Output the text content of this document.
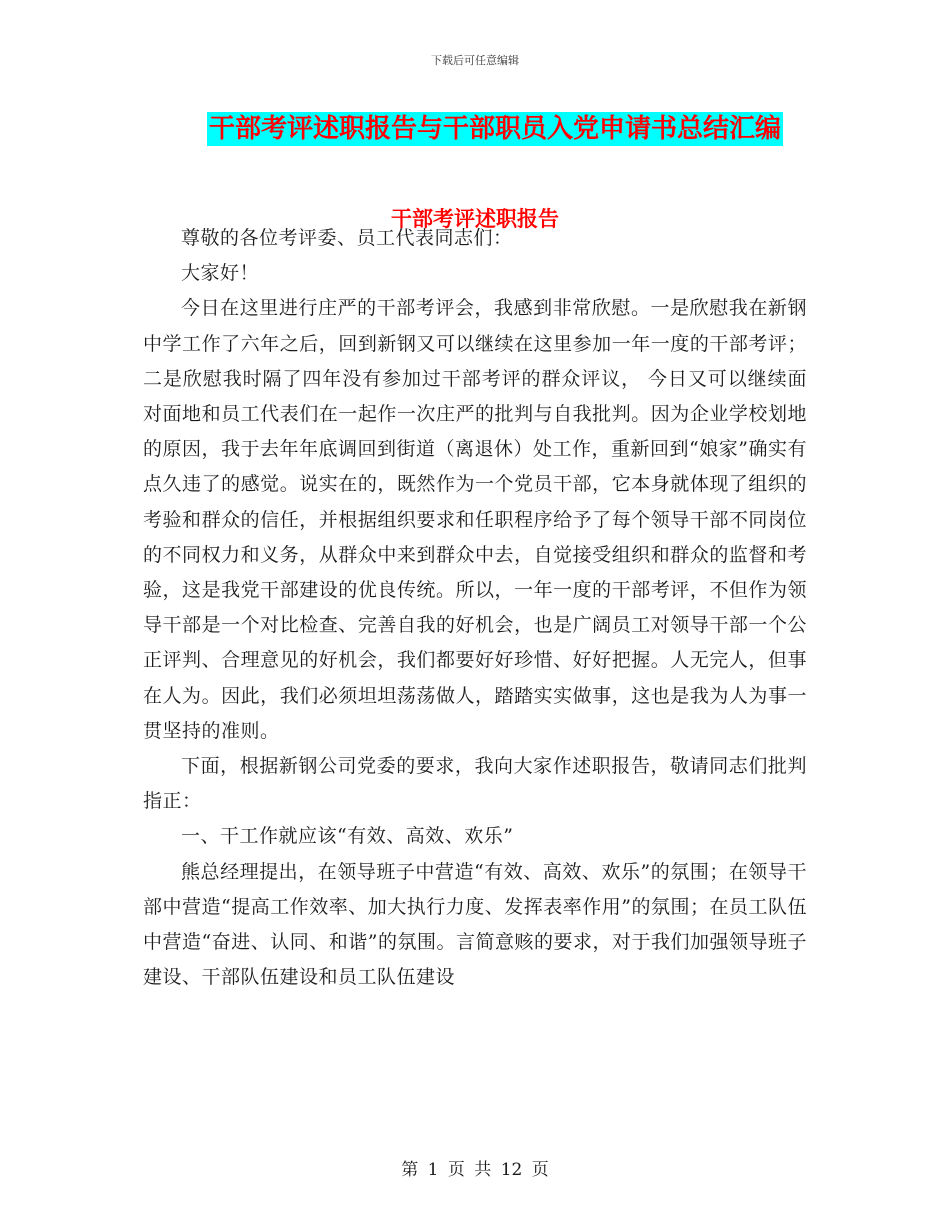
下载后可任意编辑
干部考评述职报告与干部职员入党申请书总结汇编
干部考评述职报告

尊敬的各位考评委、员工代表同志们：

大家好！

今日在这里进行庄严的干部考评会，我感到非常欣慰。一是欣慰我在新钢中学工作了六年之后，回到新钢又可以继续在这里参加一年一度的干部考评；二是欣慰我时隔了四年没有参加过干部考评的群众评议， 今日又可以继续面对面地和员工代表们在一起作一次庄严的批判与自我批判。因为企业学校划地的原因，我于去年年底调回到街道（离退休）处工作，重新回到“娘家”确实有点久违了的感觉。说实在的，既然作为一个党员干部，它本身就体现了组织的考验和群众的信任，并根据组织要求和任职程序给予了每个领导干部不同岗位的不同权力和义务，从群众中来到群众中去，自觉接受组织和群众的监督和考验，这是我党干部建设的优良传统。所以，一年一度的干部考评，不但作为领导干部是一个对比检查、完善自我的好机会，也是广阔员工对领导干部一个公正评判、合理意见的好机会，我们都要好好珍惜、好好把握。人无完人，但事在人为。因此，我们必须坦坦荡荡做人，踏踏实实做事，这也是我为人为事一贯坚持的准则。

下面，根据新钢公司党委的要求，我向大家作述职报告，敬请同志们批判指正：

一、干工作就应该“有效、高效、欢乐”

熊总经理提出，在领导班子中营造“有效、高效、欢乐”的氛围；在领导干部中营造“提高工作效率、加大执行力度、发挥表率作用”的氛围；在员工队伍中营造“奋进、认同、和谐”的氛围。言简意赅的要求，对于我们加强领导班子建设、干部队伍建设和员工队伍建设

第 1 页 共 12 页
